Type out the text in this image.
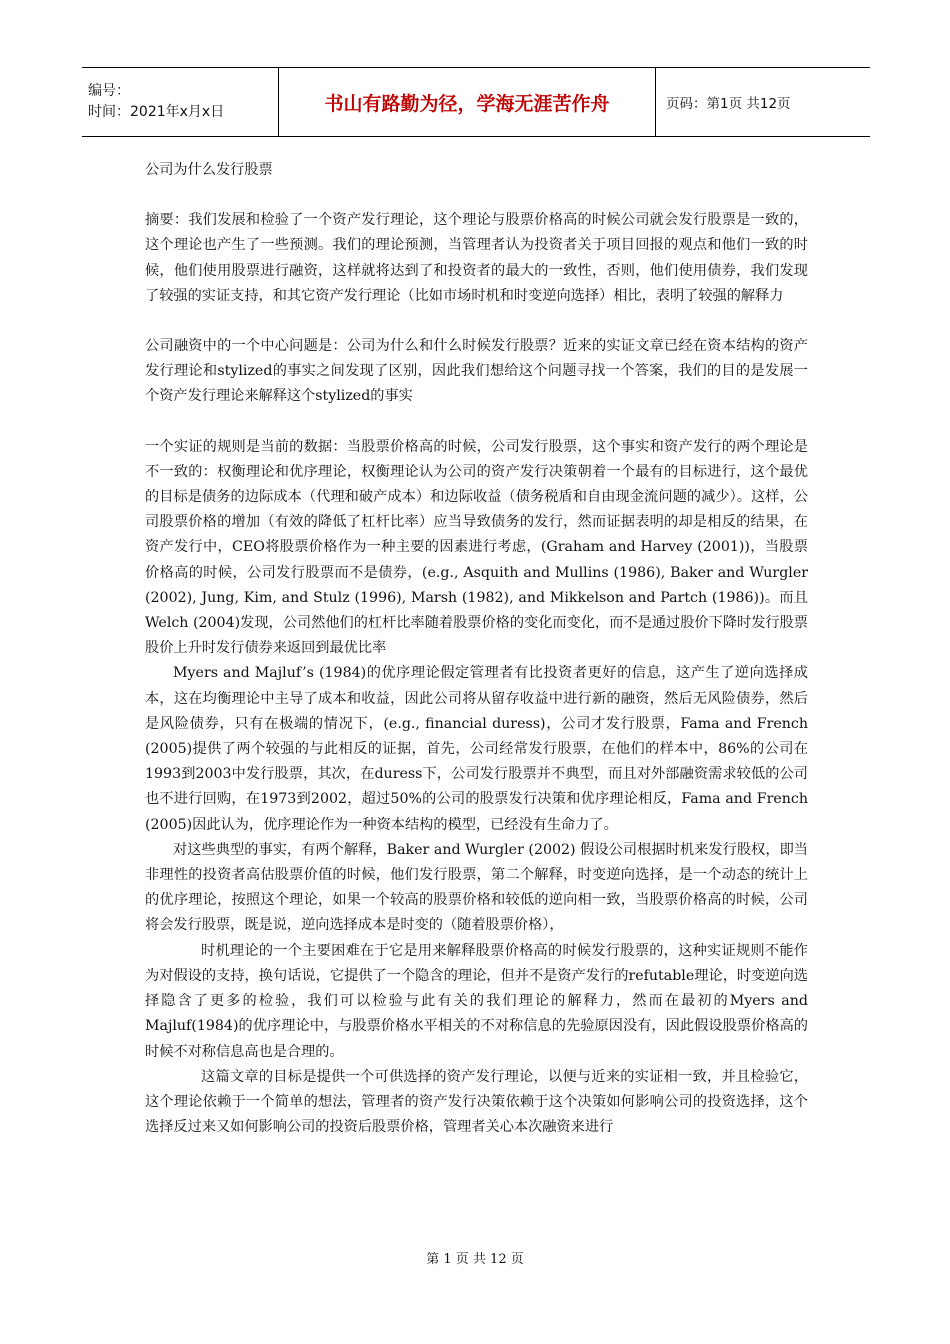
编号：
时间：2021年x月x日	书山有路勤为径，学海无涯苦作舟	页码：第1页 共12页

公司为什么发行股票

摘要：我们发展和检验了一个资产发行理论，这个理论与股票价格高的时候公司就会发行股票是一致的，这个理论也产生了一些预测。我们的理论预测，当管理者认为投资者关于项目回报的观点和他们一致的时候，他们使用股票进行融资，这样就将达到了和投资者的最大的一致性，否则，他们使用债券，我们发现了较强的实证支持，和其它资产发行理论（比如市场时机和时变逆向选择）相比，表明了较强的解释力

公司融资中的一个中心问题是：公司为什么和什么时候发行股票？近来的实证文章已经在资本结构的资产发行理论和stylized的事实之间发现了区别，因此我们想给这个问题寻找一个答案，我们的目的是发展一个资产发行理论来解释这个stylized的事实

一个实证的规则是当前的数据：当股票价格高的时候，公司发行股票，这个事实和资产发行的两个理论是不一致的：权衡理论和优序理论，权衡理论认为公司的资产发行决策朝着一个最有的目标进行，这个最优的目标是债务的边际成本（代理和破产成本）和边际收益（债务税盾和自由现金流问题的减少）。这样，公司股票价格的增加（有效的降低了杠杆比率）应当导致债务的发行，然而证据表明的却是相反的结果，在资产发行中，CEO将股票价格作为一种主要的因素进行考虑，(Graham and Harvey (2001))，当股票价格高的时候，公司发行股票而不是债券，(e.g., Asquith and Mullins (1986), Baker and Wurgler (2002), Jung, Kim, and Stulz (1996), Marsh (1982), and Mikkelson and Partch (1986))。而且Welch (2004)发现，公司然他们的杠杆比率随着股票价格的变化而变化，而不是通过股价下降时发行股票股价上升时发行债券来返回到最优比率

Myers and Majluf’s (1984)的优序理论假定管理者有比投资者更好的信息，这产生了逆向选择成本，这在均衡理论中主导了成本和收益，因此公司将从留存收益中进行新的融资，然后无风险债券，然后是风险债券，只有在极端的情况下，(e.g., financial duress)，公司才发行股票，Fama and French (2005)提供了两个较强的与此相反的证据，首先，公司经常发行股票，在他们的样本中，86%的公司在1993到2003中发行股票，其次，在duress下，公司发行股票并不典型，而且对外部融资需求较低的公司也不进行回购，在1973到2002，超过50%的公司的股票发行决策和优序理论相反，Fama and French (2005)因此认为，优序理论作为一种资本结构的模型，已经没有生命力了。

对这些典型的事实，有两个解释，Baker and Wurgler (2002) 假设公司根据时机来发行股权，即当非理性的投资者高估股票价值的时候，他们发行股票，第二个解释，时变逆向选择，是一个动态的统计上的优序理论，按照这个理论，如果一个较高的股票价格和较低的逆向相一致，当股票价格高的时候，公司将会发行股票，既是说，逆向选择成本是时变的（随着股票价格），

时机理论的一个主要困难在于它是用来解释股票价格高的时候发行股票的，这种实证规则不能作为对假设的支持，换句话说，它提供了一个隐含的理论，但并不是资产发行的refutable理论，时变逆向选择隐含了更多的检验，我们可以检验与此有关的我们理论的解释力，然而在最初的Myers and Majluf(1984)的优序理论中，与股票价格水平相关的不对称信息的先验原因没有，因此假设股票价格高的时候不对称信息高也是合理的。

这篇文章的目标是提供一个可供选择的资产发行理论，以便与近来的实证相一致，并且检验它，这个理论依赖于一个简单的想法，管理者的资产发行决策依赖于这个决策如何影响公司的投资选择，这个选择反过来又如何影响公司的投资后股票价格，管理者关心本次融资来进行

第 1 页 共 12 页
